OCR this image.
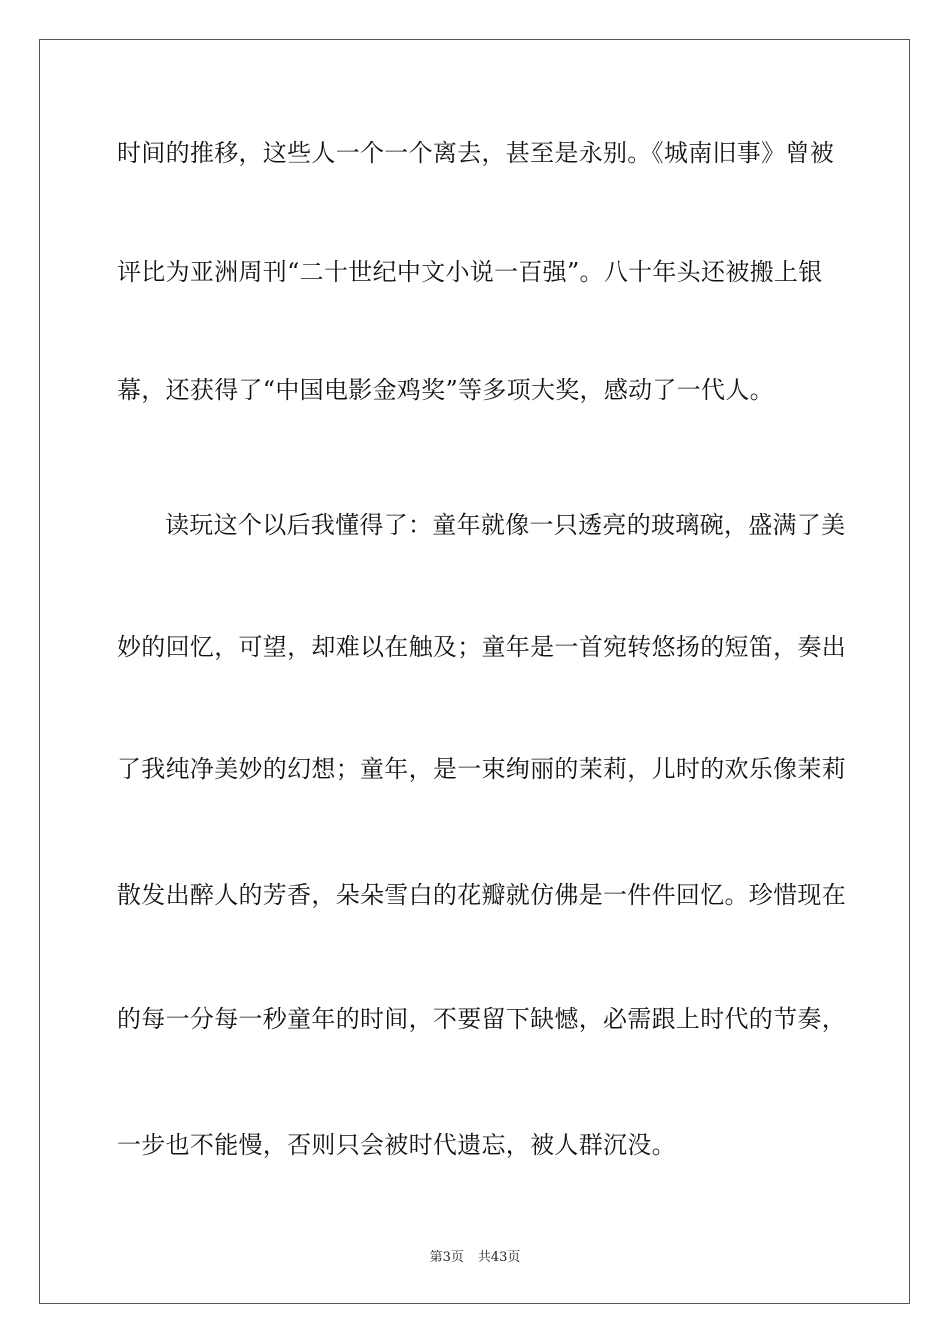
时间的推移，这些人一个一个离去，甚至是永别。《城南旧事》曾被
评比为亚洲周刊“二十世纪中文小说一百强”。八十年头还被搬上银
幕，还获得了“中国电影金鸡奖”等多项大奖，感动了一代人。
读玩这个以后我懂得了：童年就像一只透亮的玻璃碗，盛满了美
妙的回忆，可望，却难以在触及；童年是一首宛转悠扬的短笛，奏出
了我纯净美妙的幻想；童年，是一束绚丽的茉莉，儿时的欢乐像茉莉
散发出醉人的芳香，朵朵雪白的花瓣就仿佛是一件件回忆。珍惜现在
的每一分每一秒童年的时间，不要留下缺憾，必需跟上时代的节奏，
一步也不能慢，否则只会被时代遗忘，被人群沉没。
第3页 共43页
